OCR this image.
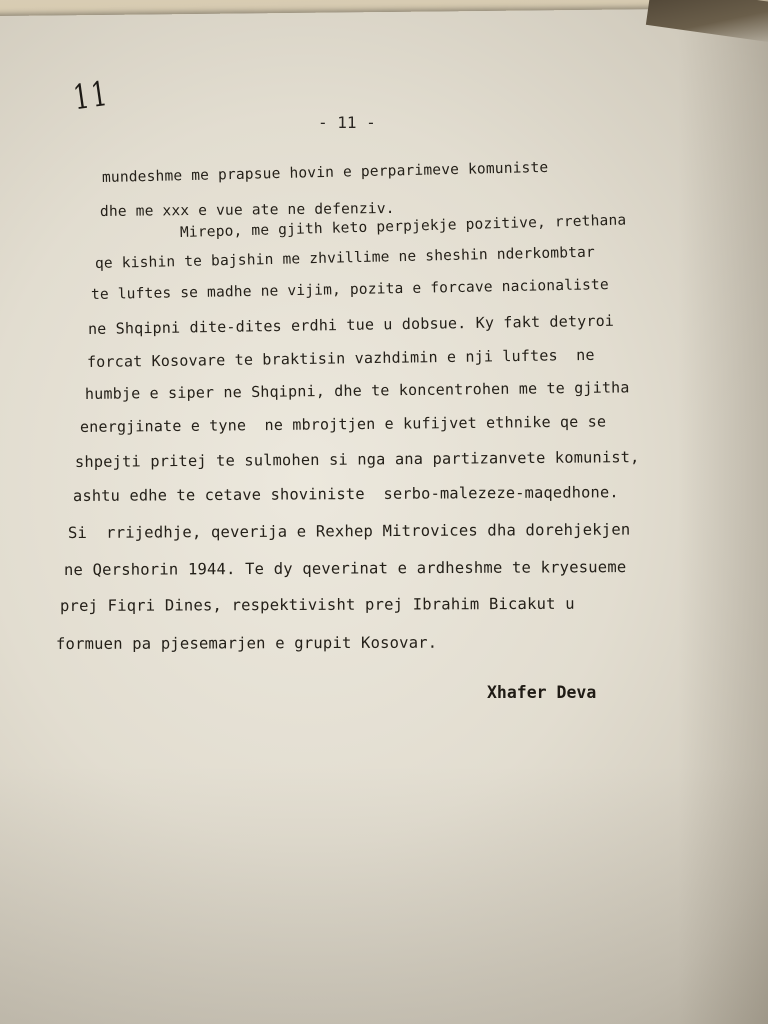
11
- 11 -
mundeshme me prapsue hovin e perparimeve komuniste
dhe me xxx e vue ate ne defenziv.
Mirepo, me gjith keto perpjekje pozitive, rrethana
qe kishin te bajshin me zhvillime ne sheshin nderkombtar
te luftes se madhe ne vijim, pozita e forcave nacionaliste
ne Shqipni dite-dites erdhi tue u dobsue. Ky fakt detyroi
forcat Kosovare te braktisin vazhdimin e nji luftes  ne
humbje e siper ne Shqipni, dhe te koncentrohen me te gjitha
energjinate e tyne  ne mbrojtjen e kufijvet ethnike qe se
shpejti pritej te sulmohen si nga ana partizanvete komunist,
ashtu edhe te cetave shoviniste  serbo-malezeze-maqedhone.
Si  rrijedhje, qeverija e Rexhep Mitrovices dha dorehjekjen
ne Qershorin 1944. Te dy qeverinat e ardheshme te kryesueme
prej Fiqri Dines, respektivisht prej Ibrahim Bicakut u
formuen pa pjesemarjen e grupit Kosovar.
Xhafer Deva
